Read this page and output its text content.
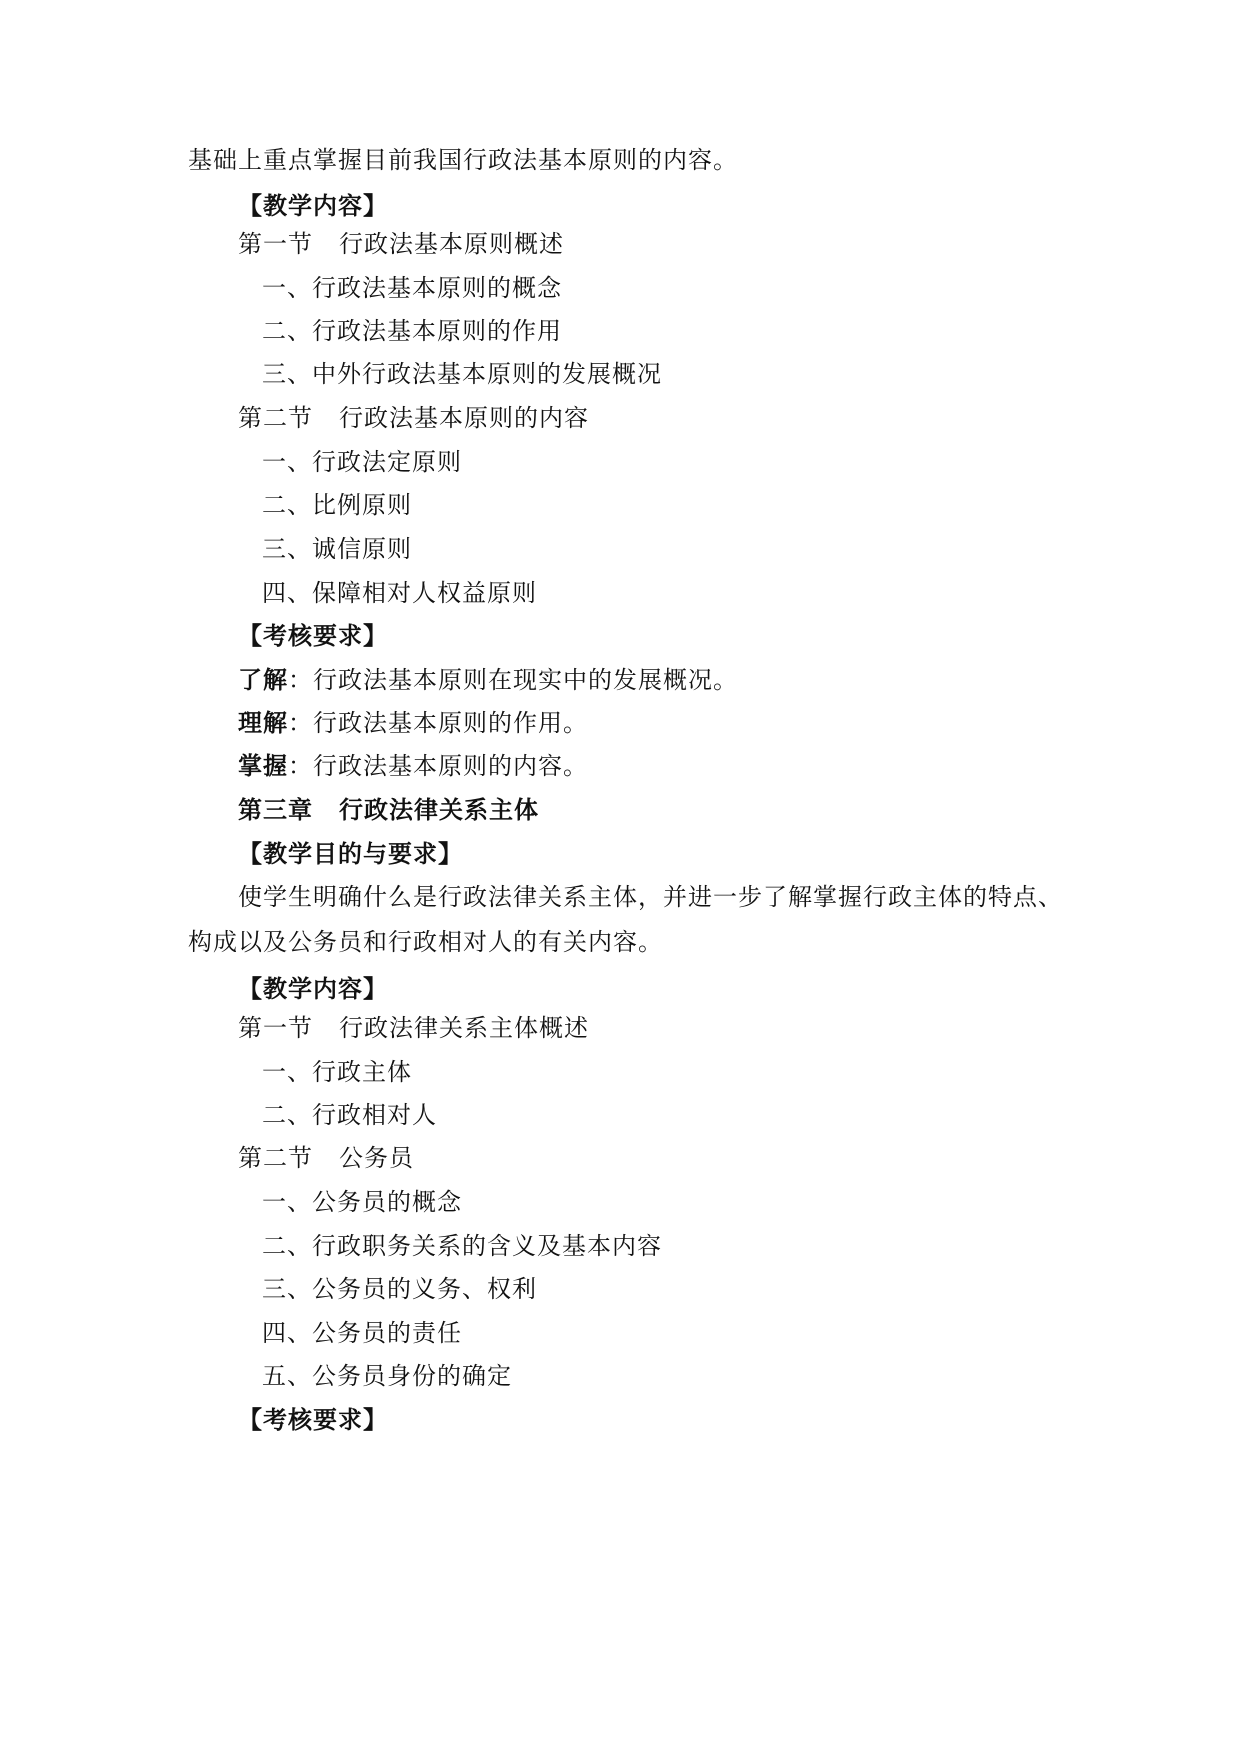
基础上重点掌握目前我国行政法基本原则的内容。
【教学内容】
第一节 行政法基本原则概述
一、行政法基本原则的概念
二、行政法基本原则的作用
三、中外行政法基本原则的发展概况
第二节 行政法基本原则的内容
一、行政法定原则
二、比例原则
三、诚信原则
四、保障相对人权益原则
【考核要求】
了解：行政法基本原则在现实中的发展概况。
理解：行政法基本原则的作用。
掌握：行政法基本原则的内容。
第三章 行政法律关系主体
【教学目的与要求】
使学生明确什么是行政法律关系主体，并进一步了解掌握行政主体的特点、
构成以及公务员和行政相对人的有关内容。
【教学内容】
第一节 行政法律关系主体概述
一、行政主体
二、行政相对人
第二节 公务员
一、公务员的概念
二、行政职务关系的含义及基本内容
三、公务员的义务、权利
四、公务员的责任
五、公务员身份的确定
【考核要求】
